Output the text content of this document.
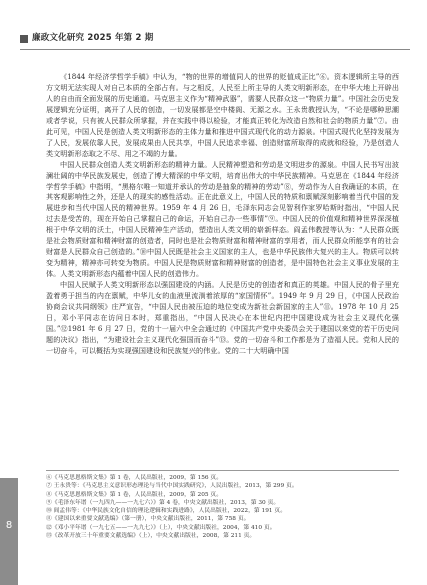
廉政文化研究 2025 年第 2 期

《1844 年经济学哲学手稿》中认为，“物的世界的增值同人的世界的贬值成正比”⑥。资本逻辑所主导的西方文明无法实现人对自己本质的全部占有。与之相反，人民至上所主导的人类文明新形态，在中华大地上开辟出人的自由而全面发展的历史通道。马克思主义作为“精神武器”，需要人民群众这一“物质力量”。中国社会历史发展逻辑充分证明，离开了人民的创造，一切发展都是空中楼阁、无源之水。王永贵教授认为，“不论是哪种思潮或者学说，只有被人民群众所掌握，并在实践中得以检验，才能真正转化为改造自然和社会的物质力量”⑦。由此可见，中国人民是创造人类文明新形态的主体力量和推进中国式现代化的动力源泉。中国式现代化坚持发展为了人民，发展依靠人民，发展成果由人民共享，中国人民追求幸福、创造财富所取得的成就和经验，乃是创造人类文明新形态取之不尽、用之不竭的力量。

中国人民群众创造人类文明新形态的精神力量。人民精神塑造和劳动是文明进步的源泉。中国人民书写出波澜壮阔的中华民族发展史，创造了博大精深的中华文明，培育出伟大的中华民族精神。马克思在《1844 年经济学哲学手稿》中指明，“黑格尔唯一知道并承认的劳动是抽象的精神的劳动”⑧，劳动作为人自我确证的本质，在其客观影响性之外，还是人的现实的感性活动。正在此意义上，中国人民的特质和禀赋深刻影响着当代中国的发展进步和当代中国人民的精神世界。1959 年 4 月 26 日，毛泽东同志会见智利作家罗哈斯时指出，“中国人民过去是受苦的，现在开始自己掌握自己的命运，开始自己办一些事情”⑨。中国人民的价值观和精神世界深深植根于中华文明的沃土，中国人民精神生产活动，塑造出人类文明的崭新样态。阎孟伟教授等认为：“人民群众既是社会物质财富和精神财富的创造者，同时也是社会物质财富和精神财富的享用者，而人民群众所能享有的社会财富是人民群众自己创造的。”⑩中国人民既是社会主义国家的主人，也是中华民族伟大复兴的主人。物质可以转变为精神，精神亦可转变为物质。中国人民是物质财富和精神财富的创造者，是中国特色社会主义事业发展的主体。人类文明新形态内蕴着中国人民的创造伟力。

中国人民赋予人类文明新形态以强国建设的内涵。人民是历史的创造者和真正的英雄。中国人民的骨子里充盈着勇于担当的内在禀赋，中华儿女的血液里流淌着浓厚的“家国情怀”。1949 年 9 月 29 日，《中国人民政治协商会议共同纲领》庄严宣告，“中国人民由被压迫的地位变成为新社会新国家的主人”⑪。1978 年 10 月 25 日，邓小平同志在访问日本时，郑重指出，“中国人民决心在本世纪内把中国建设成为社会主义现代化强国。”⑫1981 年 6 月 27 日，党的十一届六中全会通过的《中国共产党中央委员会关于建国以来党的若干历史问题的决议》指出，“为建设社会主义现代化强国而奋斗”⑬。党的一切奋斗和工作都是为了造福人民。党和人民的一切奋斗，可以概括为实现强国建设和民族复兴的伟业。党的二十大明确中国

⑥《马克思恩格斯文集》第 1 卷，人民出版社，2009，第 156 页。
⑦ 王永贵等：《马克思主义意识形态理论与当代中国实践研究》，人民出版社，2013，第 299 页。
⑧《马克思恩格斯文集》第 1 卷，人民出版社，2009，第 205 页。
⑨《毛泽东年谱（一九四九——一九七六）》第 4 卷，中央文献出版社，2013，第 30 页。
⑩ 阎孟伟等：《中华民族文化自信的理论逻辑和实践进路》，人民出版社，2022，第 191 页。
⑪《建国以来重要文献选编》（第一册），中央文献出版社，2011，第 758 页。
⑫《邓小平年谱（一九七五——一九九七）》（上），中央文献出版社，2004，第 410 页。
⑬《改革开放三十年重要文献选编》（上），中央文献出版社，2008，第 211 页。
8
